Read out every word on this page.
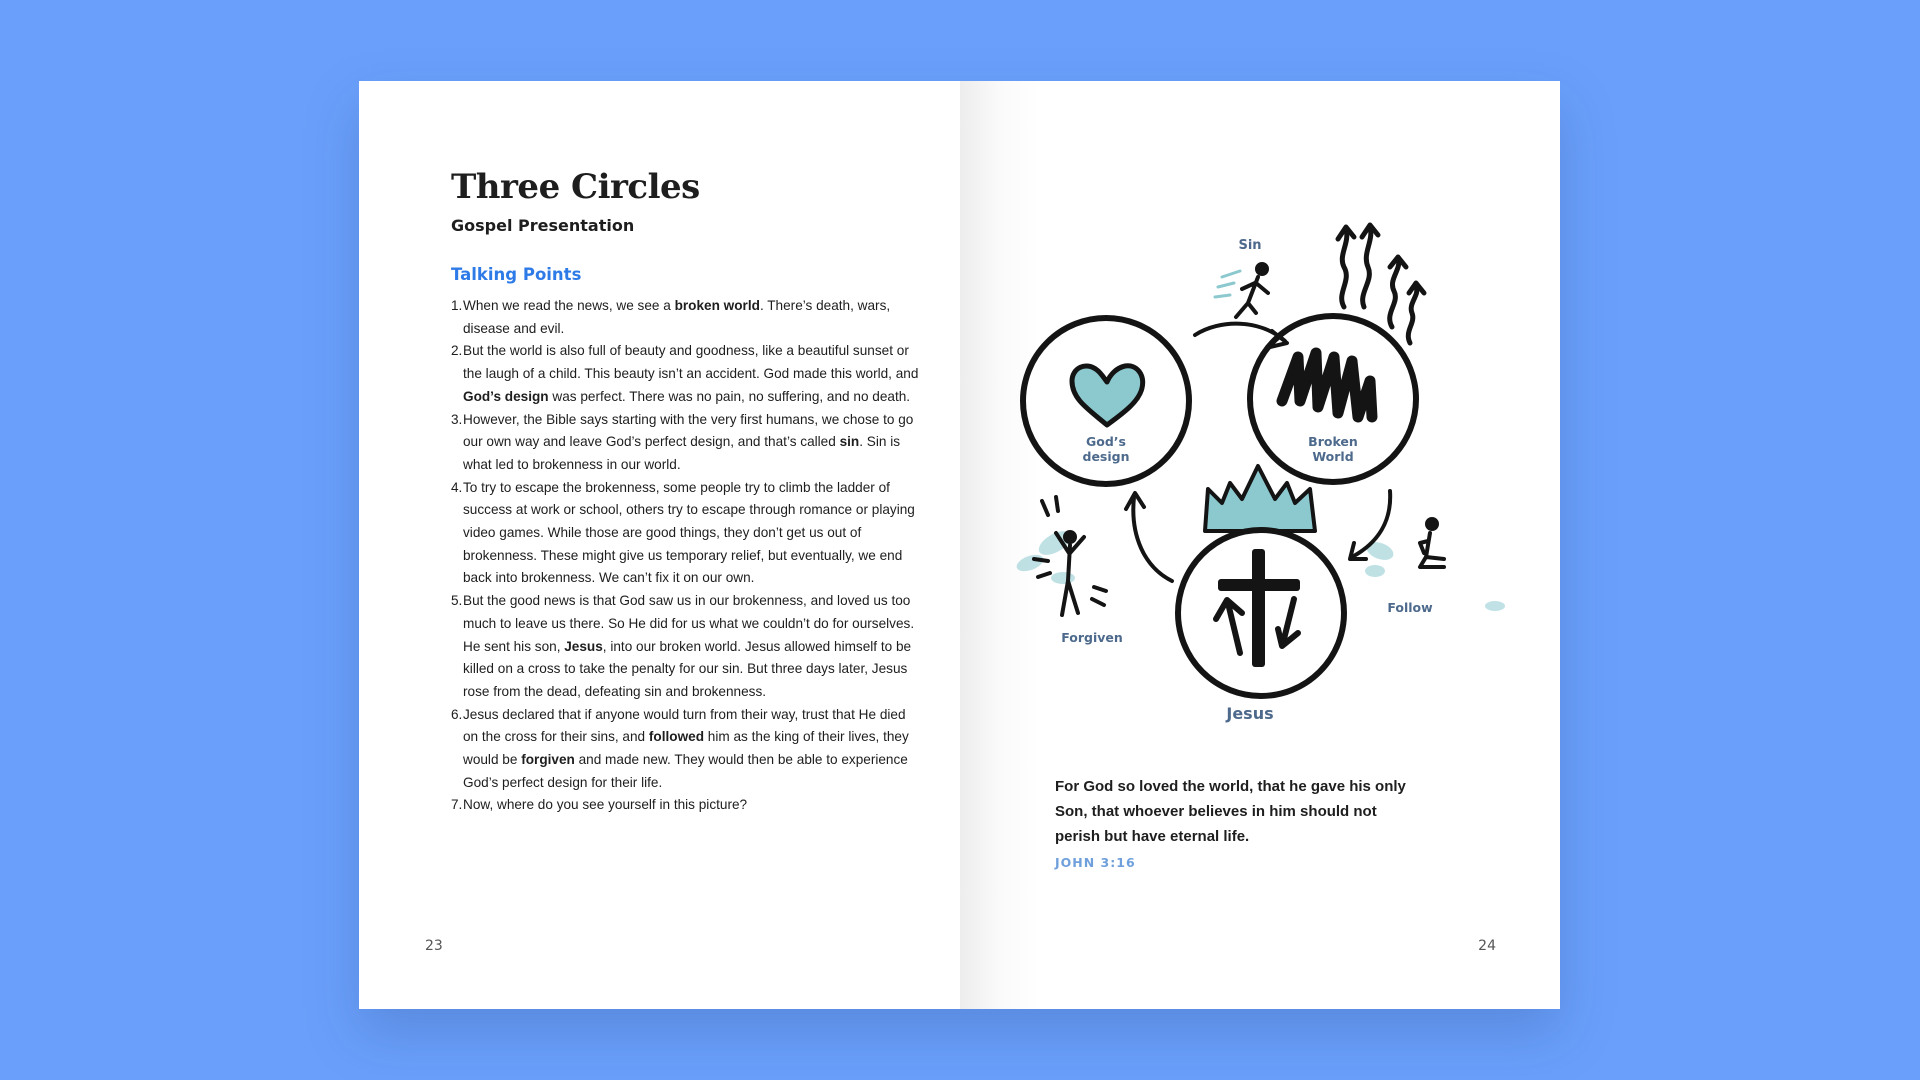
Three Circles
Gospel Presentation
Talking Points
1. When we read the news, we see a broken world. There’s death, wars, disease and evil.
2. But the world is also full of beauty and goodness, like a beautiful sunset or the laugh of a child. This beauty isn’t an accident. God made this world, and God’s design was perfect. There was no pain, no suffering, and no death.
3. However, the Bible says starting with the very first humans, we chose to go our own way and leave God’s perfect design, and that’s called sin. Sin is what led to brokenness in our world.
4. To try to escape the brokenness, some people try to climb the ladder of success at work or school, others try to escape through romance or playing video games. While those are good things, they don’t get us out of brokenness. These might give us temporary relief, but eventually, we end back into brokenness. We can’t fix it on our own.
5. But the good news is that God saw us in our brokenness, and loved us too much to leave us there. So He did for us what we couldn’t do for ourselves. He sent his son, Jesus, into our broken world. Jesus allowed himself to be killed on a cross to take the penalty for our sin. But three days later, Jesus rose from the dead, defeating sin and brokenness.
6. Jesus declared that if anyone would turn from their way, trust that He died on the cross for their sins, and followed him as the king of their lives, they would be forgiven and made new. They would then be able to experience God’s perfect design for their life.
7. Now, where do you see yourself in this picture?
23
Sin
God’s
design
Broken
World
Jesus
Follow
Forgiven

For God so loved the world, that he gave his only Son, that whoever believes in him should not perish but have eternal life.

JOHN 3:16

24
